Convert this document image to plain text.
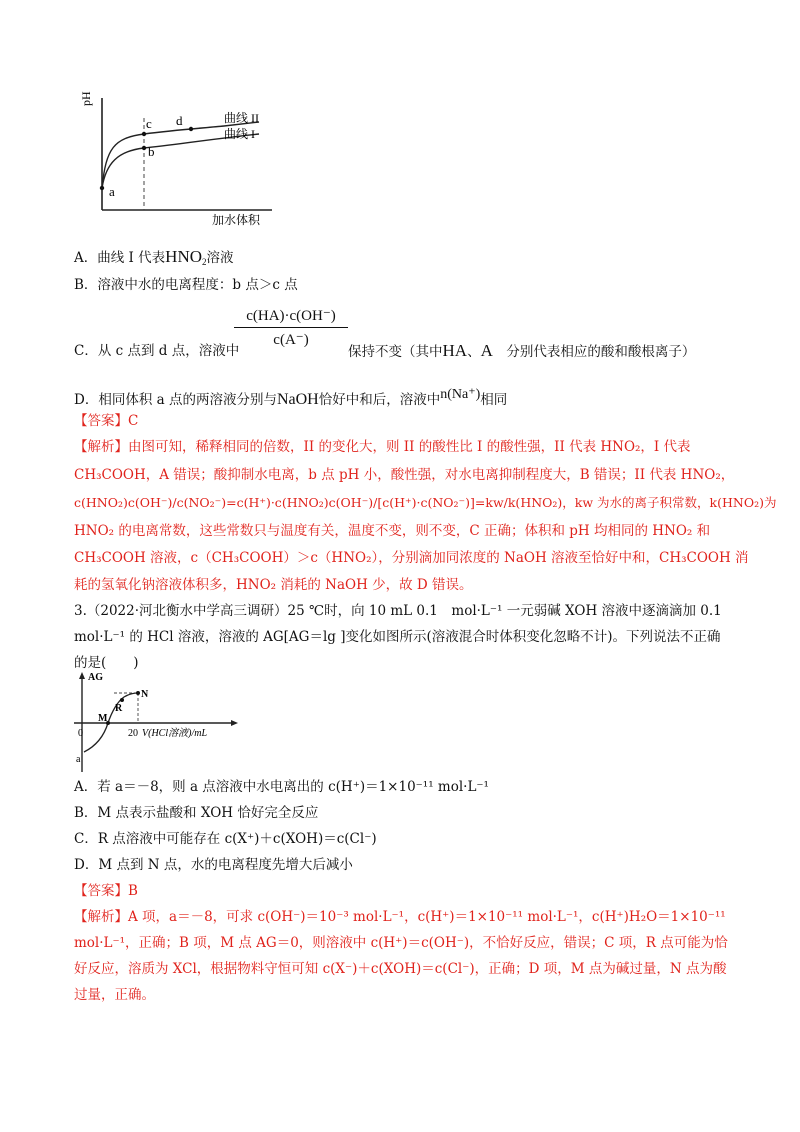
pH
加水体积
a
b
c d	曲线 II
曲线 I
A．曲线 I 代表$HNO_2$溶液
B．溶液中水的电离程度：b 点＞c 点
C．从 c 点到 d 点，溶液中
$\frac{c(HA)\cdot c(OH^-)}{c(A^-)}$
保持不变（其中HA、A　 分别代表相应的酸和酸根离子）
D．相同体积 a 点的两溶液分别与NaOH恰好中和后，溶液中n(Na⁺)相同
【答案】C
【解析】由图可知，稀释相同的倍数，II 的变化大，则 II 的酸性比 I 的酸性强，II 代表 HNO₂，I 代表
CH₃COOH，A 错误；酸抑制水电离，b 点 pH 小，酸性强，对水电离抑制程度大，B 错误；II 代表 HNO₂，
c(HNO₂)c(OH⁻)/c(NO₂⁻)=c(H⁺)·c(HNO₂)c(OH⁻)/[c(H⁺)·c(NO₂⁻)]=kw/k(HNO₂)，kw 为水的离子积常数，k(HNO₂)为
HNO₂ 的电离常数，这些常数只与温度有关，温度不变，则不变，C 正确；体积和 pH 均相同的 HNO₂ 和
CH₃COOH 溶液，c（CH₃COOH）＞c（HNO₂），分别滴加同浓度的 NaOH 溶液至恰好中和，CH₃COOH 消
耗的氢氧化钠溶液体积多，HNO₂ 消耗的 NaOH 少，故 D 错误。
3.（2022·河北衡水中学高三调研）25 ℃时，向 10 mL 0.1　mol·L⁻¹ 一元弱碱 XOH 溶液中逐滴滴加 0.1
mol·L⁻¹ 的 HCl 溶液，溶液的 AG[AG＝lg ]变化如图所示(溶液混合时体积变化忽略不计)。下列说法不正确
的是(　　)
AG
V(HCl溶液)/mL
0	20
a
M
R
N
A．若 a＝－8，则 a 点溶液中水电离出的 c(H⁺)＝1×10⁻¹¹ mol·L⁻¹
B．M 点表示盐酸和 XOH 恰好完全反应
C．R 点溶液中可能存在 c(X⁺)＋c(XOH)＝c(Cl⁻)
D．M 点到 N 点，水的电离程度先增大后减小
【答案】B
【解析】A 项，a＝－8，可求 c(OH⁻)＝10⁻³ mol·L⁻¹，c(H⁺)＝1×10⁻¹¹ mol·L⁻¹，c(H⁺)H₂O＝1×10⁻¹¹
mol·L⁻¹，正确；B 项，M 点 AG＝0，则溶液中 c(H⁺)＝c(OH⁻)，不恰好反应，错误；C 项，R 点可能为恰
好反应，溶质为 XCl，根据物料守恒可知 c(X⁻)＋c(XOH)＝c(Cl⁻)，正确；D 项，M 点为碱过量，N 点为酸
过量，正确。
